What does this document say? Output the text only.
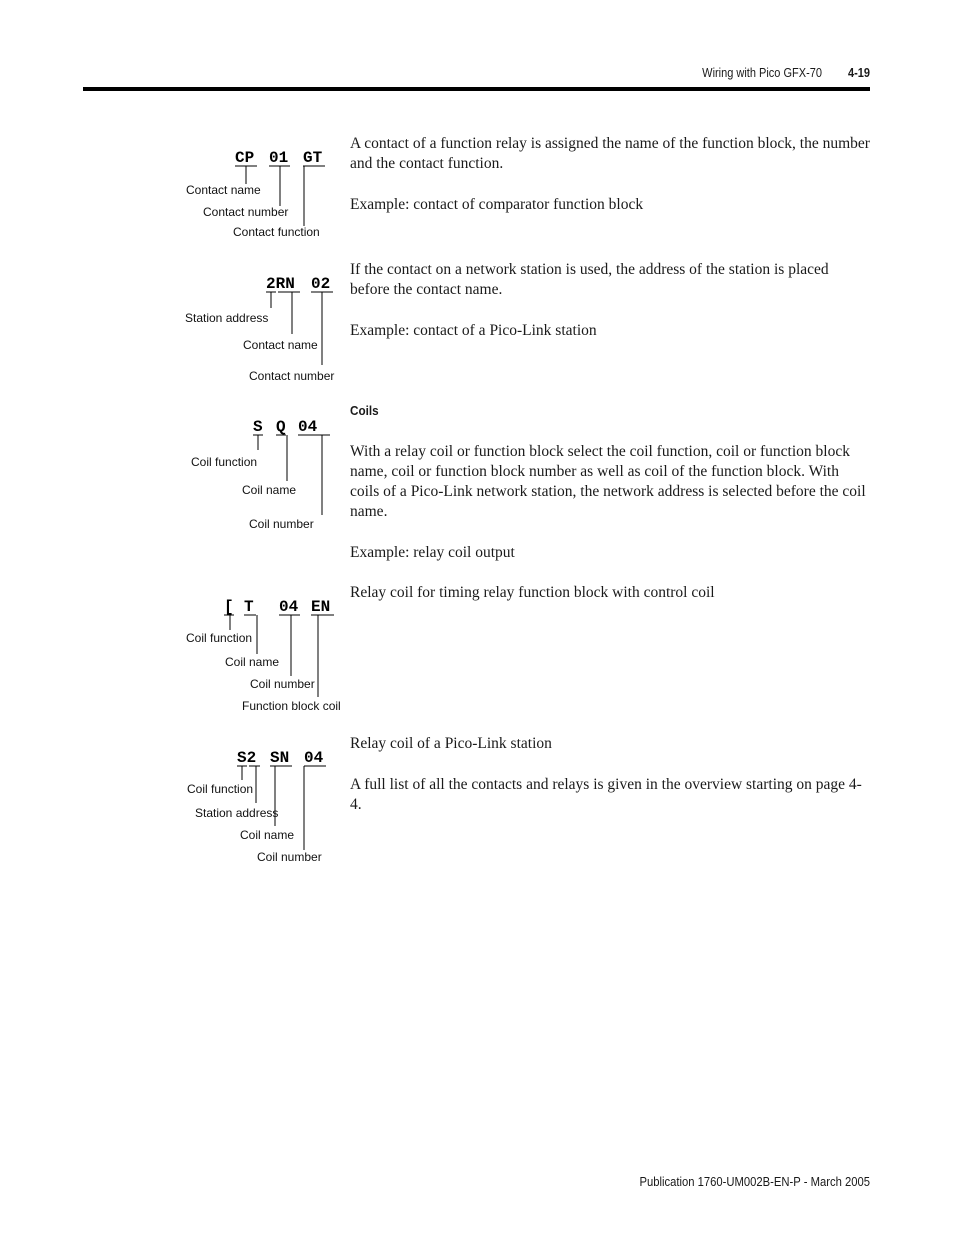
Wiring with Pico GFX-70	4-19
CP 01 GT
Contact name
Contact number
Contact function
2RN 02
Station address
Contact name
Contact number
S Q 04
Coil function
Coil name
Coil number
[ T 04 EN
Coil function
Coil name
Coil number
Function block coil
S2 SN 04
Coil function
Station address
Coil name
Coil number

A contact of a function relay is assigned the name of the function block, the number and the contact function.

Example: contact of comparator function block

If the contact on a network station is used, the address of the station is placed before the contact name.

Example: contact of a Pico-Link station

Coils

With a relay coil or function block select the coil function, coil or function block name, coil or function block number as well as coil of the function block. With coils of a Pico-Link network station, the network address is selected before the coil name.

Example: relay coil output

Relay coil for timing relay function block with control coil

Relay coil of a Pico-Link station

A full list of all the contacts and relays is given in the overview starting on page 4-4.

Publication 1760-UM002B-EN-P - March 2005
